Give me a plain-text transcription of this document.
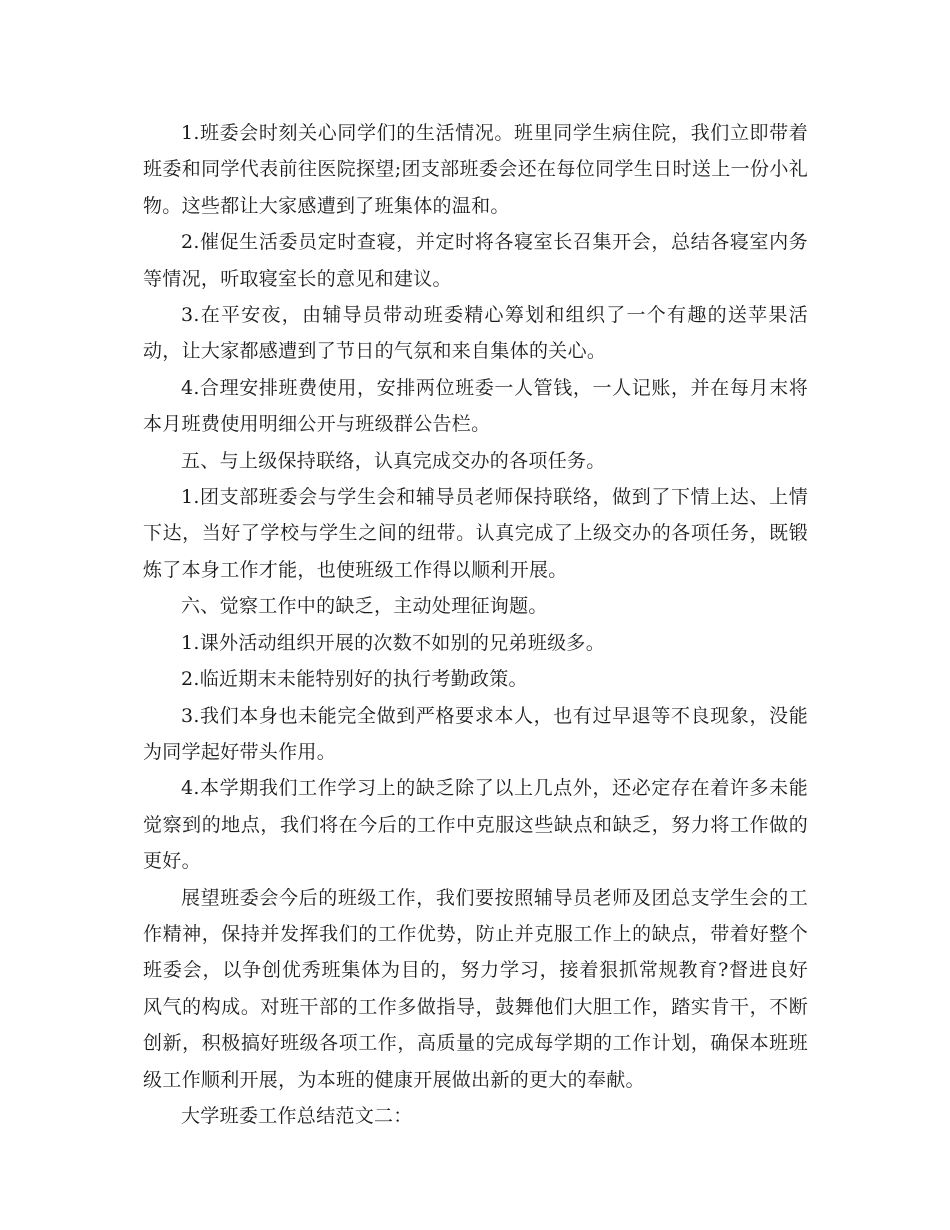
1.班委会时刻关心同学们的生活情况。班里同学生病住院，我们立即带着班委和同学代表前往医院探望;团支部班委会还在每位同学生日时送上一份小礼物。这些都让大家感遭到了班集体的温和。

2.催促生活委员定时查寝，并定时将各寝室长召集开会，总结各寝室内务等情况，听取寝室长的意见和建议。

3.在平安夜，由辅导员带动班委精心筹划和组织了一个有趣的送苹果活动，让大家都感遭到了节日的气氛和来自集体的关心。

4.合理安排班费使用，安排两位班委一人管钱，一人记账，并在每月末将本月班费使用明细公开与班级群公告栏。

五、与上级保持联络，认真完成交办的各项任务。

1.团支部班委会与学生会和辅导员老师保持联络，做到了下情上达、上情下达，当好了学校与学生之间的纽带。认真完成了上级交办的各项任务，既锻炼了本身工作才能，也使班级工作得以顺利开展。

六、觉察工作中的缺乏，主动处理征询题。

1.课外活动组织开展的次数不如别的兄弟班级多。

2.临近期末未能特别好的执行考勤政策。

3.我们本身也未能完全做到严格要求本人，也有过早退等不良现象，没能为同学起好带头作用。

4.本学期我们工作学习上的缺乏除了以上几点外，还必定存在着许多未能觉察到的地点，我们将在今后的工作中克服这些缺点和缺乏，努力将工作做的更好。

展望班委会今后的班级工作，我们要按照辅导员老师及团总支学生会的工作精神，保持并发挥我们的工作优势，防止并克服工作上的缺点，带着好整个班委会，以争创优秀班集体为目的，努力学习，接着狠抓常规教育?督进良好风气的构成。对班干部的工作多做指导，鼓舞他们大胆工作，踏实肯干，不断创新，积极搞好班级各项工作，高质量的完成每学期的工作计划，确保本班班级工作顺利开展，为本班的健康开展做出新的更大的奉献。

大学班委工作总结范文二：
